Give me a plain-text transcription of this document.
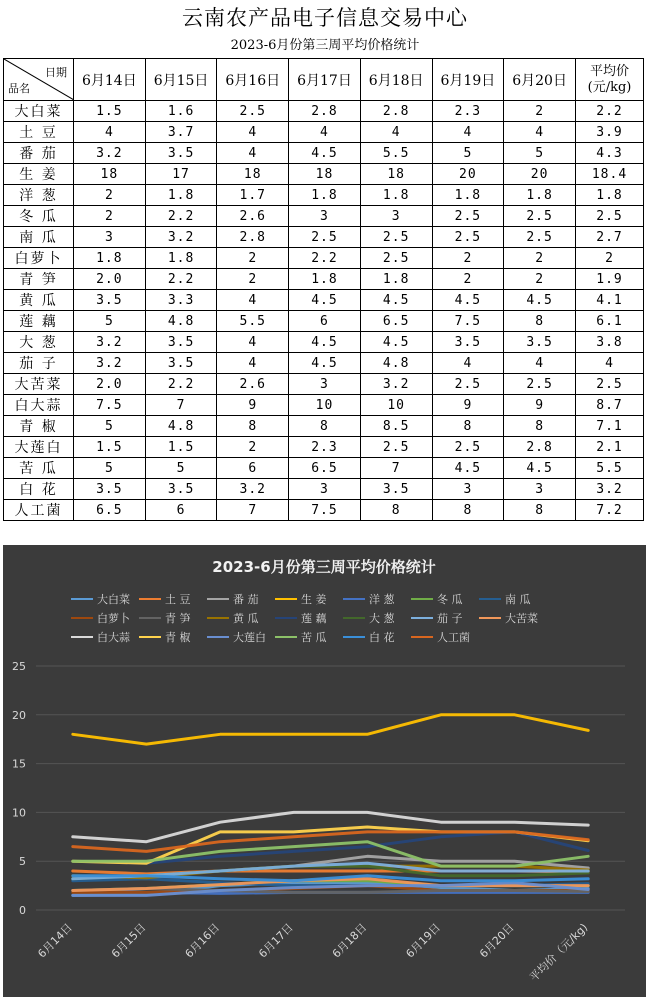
云南农产品电子信息交易中心
2023-6月份第三周平均价格统计
日期
品名	6月14日	6月15日	6月16日	6月17日	6月18日	6月19日	6月20日	平均价(元/kg)
大白菜	1.5	1.6	2.5	2.8	2.8	2.3	2	2.2
土 豆	4	3.7	4	4	4	4	4	3.9
番 茄	3.2	3.5	4	4.5	5.5	5	5	4.3
生 姜	18	17	18	18	18	20	20	18.4
洋 葱	2	1.8	1.7	1.8	1.8	1.8	1.8	1.8
冬 瓜	2	2.2	2.6	3	3	2.5	2.5	2.5
南 瓜	3	3.2	2.8	2.5	2.5	2.5	2.5	2.7
白萝卜	1.8	1.8	2	2.2	2.5	2	2	2
青 笋	2.0	2.2	2	1.8	1.8	2	2	1.9
黄 瓜	3.5	3.3	4	4.5	4.5	4.5	4.5	4.1
莲 藕	5	4.8	5.5	6	6.5	7.5	8	6.1
大 葱	3.2	3.5	4	4.5	4.5	3.5	3.5	3.8
茄 子	3.2	3.5	4	4.5	4.8	4	4	4
大苦菜	2.0	2.2	2.6	3	3.2	2.5	2.5	2.5
白大蒜	7.5	7	9	10	10	9	9	8.7
青 椒	5	4.8	8	8	8.5	8	8	7.1
大莲白	1.5	1.5	2	2.3	2.5	2.5	2.8	2.1
苦 瓜	5	5	6	6.5	7	4.5	4.5	5.5
白 花	3.5	3.5	3.2	3	3.5	3	3	3.2
人工菌	6.5	6	7	7.5	8	8	8	7.2
2023-6月份第三周平均价格统计
大白菜	土 豆	番 茄	生 姜	洋 葱	冬 瓜	南 瓜
白萝卜	青 笋	黄 瓜	莲 藕	大 葱	茄 子	大苦菜
白大蒜	青 椒	大莲白	苦 瓜	白 花	人工菌
0
5
10
15
20
25
6月14日	6月15日	6月16日	6月17日	6月18日	6月19日	6月20日 平均价（元/kg)
